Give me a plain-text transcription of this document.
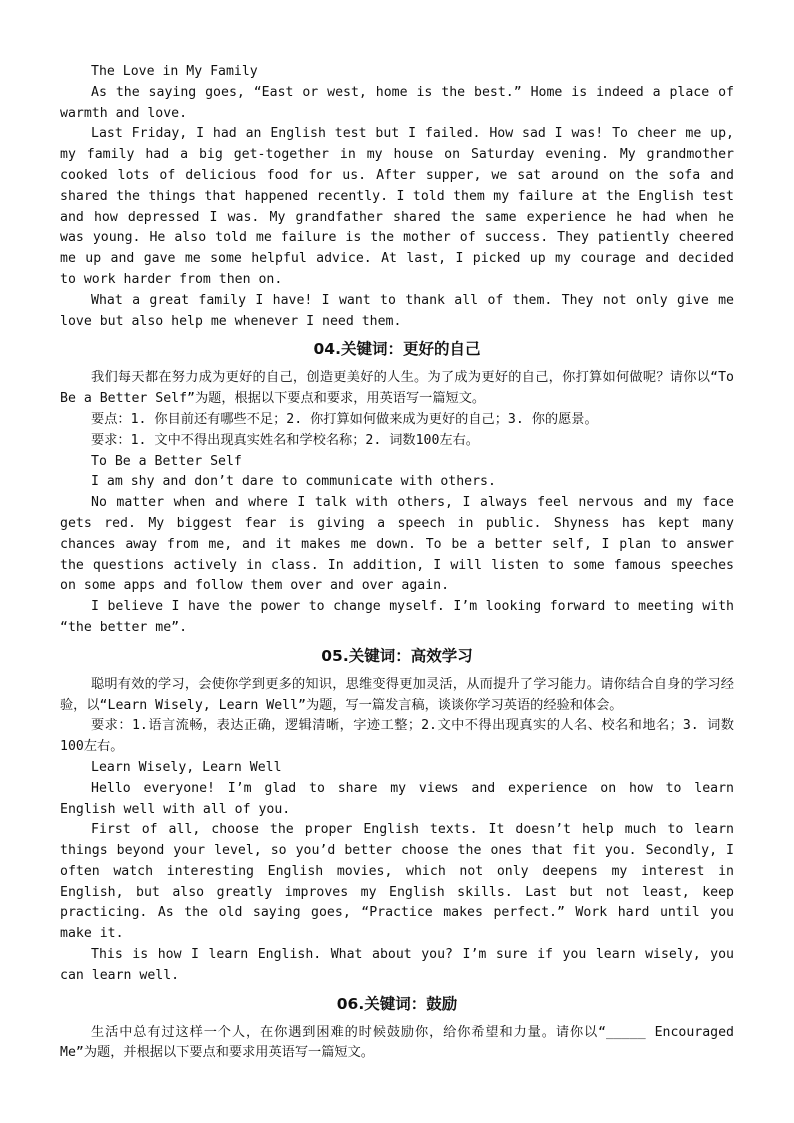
The Love in My Family

As the saying goes, “East or west, home is the best.” Home is indeed a place of warmth and love.

Last Friday, I had an English test but I failed. How sad I was! To cheer me up, my family had a big get-together in my house on Saturday evening. My grandmother cooked lots of delicious food for us. After supper, we sat around on the sofa and shared the things that happened recently. I told them my failure at the English test and how depressed I was. My grandfather shared the same experience he had when he was young. He also told me failure is the mother of success. They patiently cheered me up and gave me some helpful advice. At last, I picked up my courage and decided to work harder from then on.

What a great family I have! I want to thank all of them. They not only give me love but also help me whenever I need them.

04.关键词：更好的自己

我们每天都在努力成为更好的自己，创造更美好的人生。为了成为更好的自己，你打算如何做呢？请你以“To Be a Better Self”为题，根据以下要点和要求，用英语写一篇短文。

要点：1. 你目前还有哪些不足；2. 你打算如何做来成为更好的自己；3. 你的愿景。

要求：1. 文中不得出现真实姓名和学校名称；2. 词数100左右。

To Be a Better Self

I am shy and don’t dare to communicate with others.

No matter when and where I talk with others, I always feel nervous and my face gets red. My biggest fear is giving a speech in public. Shyness has kept many chances away from me, and it makes me down. To be a better self, I plan to answer the questions actively in class. In addition, I will listen to some famous speeches on some apps and follow them over and over again.

I believe I have the power to change myself. I’m looking forward to meeting with “the better me”.

05.关键词：高效学习

聪明有效的学习，会使你学到更多的知识，思维变得更加灵活，从而提升了学习能力。请你结合自身的学习经验，以“Learn Wisely, Learn Well”为题，写一篇发言稿，谈谈你学习英语的经验和体会。

要求：1.语言流畅，表达正确，逻辑清晰，字迹工整；2.文中不得出现真实的人名、校名和地名；3. 词数100左右。

Learn Wisely, Learn Well

Hello everyone! I’m glad to share my views and experience on how to learn English well with all of you.

First of all, choose the proper English texts. It doesn’t help much to learn things beyond your level, so you’d better choose the ones that fit you. Secondly, I often watch interesting English movies, which not only deepens my interest in English, but also greatly improves my English skills. Last but not least, keep practicing. As the old saying goes, “Practice makes perfect.” Work hard until you make it.

This is how I learn English. What about you? I’m sure if you learn wisely, you can learn well.

06.关键词：鼓励

生活中总有过这样一个人，在你遇到困难的时候鼓励你，给你希望和力量。请你以“_____ Encouraged Me”为题，并根据以下要点和要求用英语写一篇短文。
